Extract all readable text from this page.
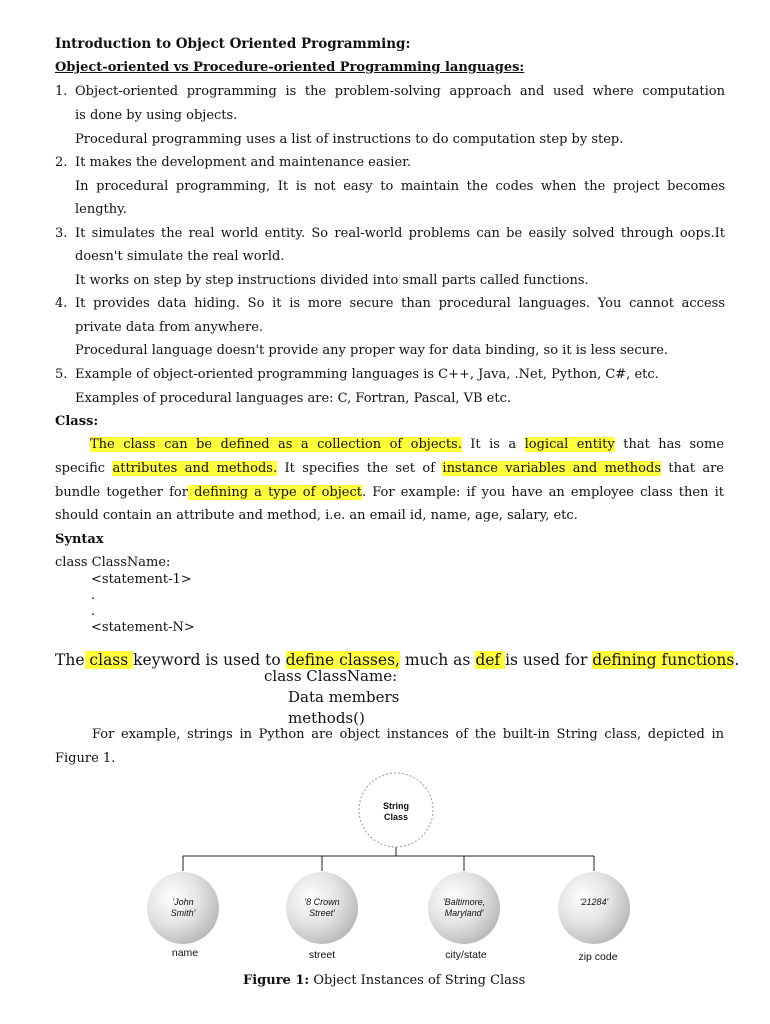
Introduction to Object Oriented Programming:
Object-oriented vs Procedure-oriented Programming languages:
1. Object-oriented programming is the problem-solving approach and used where computation
is done by using objects.
Procedural programming uses a list of instructions to do computation step by step.
2. It makes the development and maintenance easier.
In procedural programming, It is not easy to maintain the codes when the project becomes
lengthy.
3. It simulates the real world entity. So real-world problems can be easily solved through oops.It
doesn't simulate the real world.
It works on step by step instructions divided into small parts called functions.
4. It provides data hiding. So it is more secure than procedural languages. You cannot access
private data from anywhere.
Procedural language doesn't provide any proper way for data binding, so it is less secure.
5. Example of object-oriented programming languages is C++, Java, .Net, Python, C#, etc.
Examples of procedural languages are: C, Fortran, Pascal, VB etc.
Class:
The class can be defined as a collection of objects. It is a logical entity that has some
specific attributes and methods. It specifies the set of instance variables and methods that are
bundle together for defining a type of object. For example: if you have an employee class then it
should contain an attribute and method, i.e. an email id, name, age, salary, etc.
Syntax
class ClassName:
<statement-1>
.
.
<statement-N>
The class keyword is used to define classes, much as def is used for defining functions.
class ClassName:
Data members
methods()
For example, strings in Python are object instances of the built-in String class, depicted in
Figure 1.
String
Class
'John
Smith'
name
'8 Crown
Street'
street
'Baltimore,
Maryland'
city/state
'21284'
zip code
Figure 1: Object Instances of String Class
